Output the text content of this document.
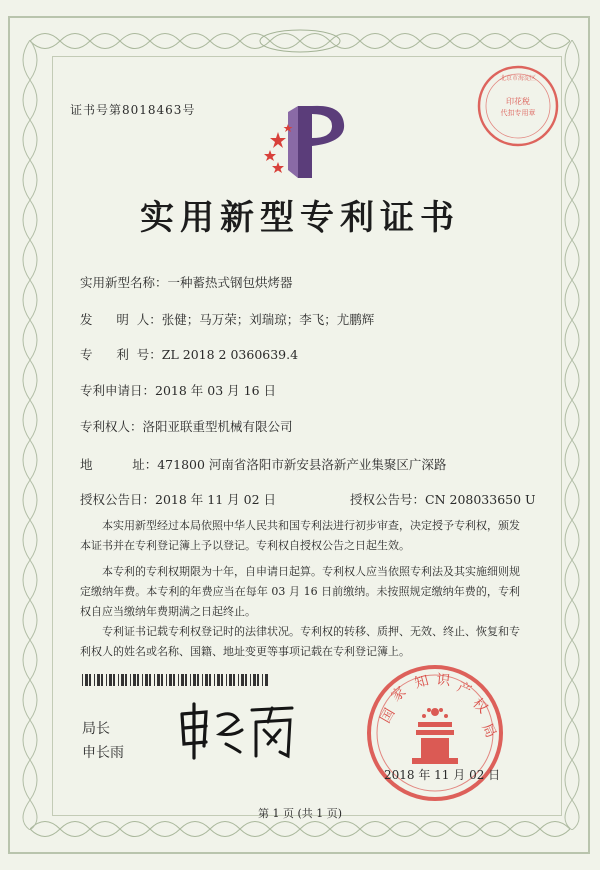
证书号第8018463号
印花税
代扣专用章
北京市海淀区
实用新型专利证书
实用新型名称：一种蓄热式钢包烘烤器
发      明  人：张健；马万荣；刘瑞琼；李飞；尤鹏辉
专      利  号：ZL 2018 2 0360639.4
专利申请日：2018 年 03 月 16 日
专利权人：洛阳亚联重型机械有限公司
地          址：471800 河南省洛阳市新安县洛新产业集聚区广深路
授权公告日：2018 年 11 月 02 日	授权公告号：CN 208033650 U
本实用新型经过本局依照中华人民共和国专利法进行初步审查，决定授予专利权，颁发本证书并在专利登记簿上予以登记。专利权自授权公告之日起生效。
本专利的专利权期限为十年，自申请日起算。专利权人应当依照专利法及其实施细则规定缴纳年费。本专利的年费应当在每年 03 月 16 日前缴纳。未按照规定缴纳年费的，专利权自应当缴纳年费期满之日起终止。
专利证书记载专利权登记时的法律状况。专利权的转移、质押、无效、终止、恢复和专利权人的姓名或名称、国籍、地址变更等事项记载在专利登记簿上。
局长
申长雨
国
家
知 识 产
权
局
2018 年 11 月 02 日
第 1 页 (共 1 页)
